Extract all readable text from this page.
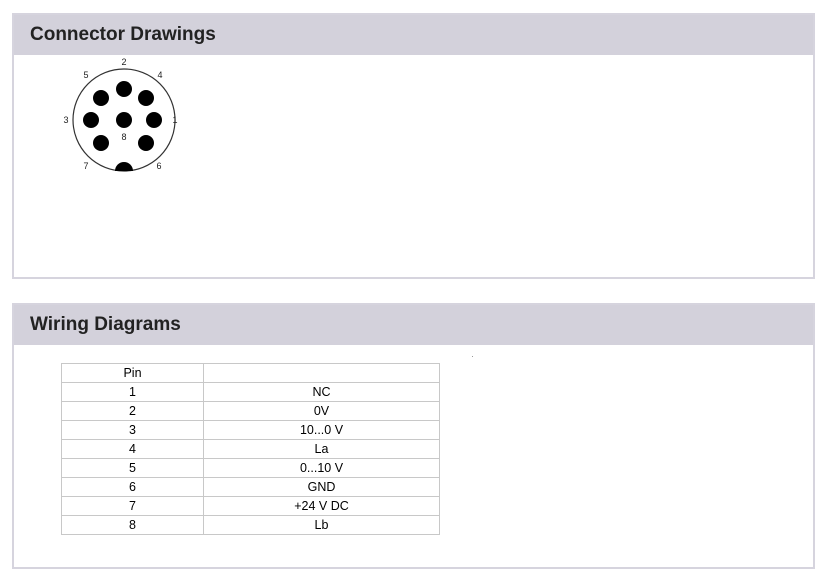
Connector Drawings
1
2
3
4
5
6
7
8
Wiring Diagrams
Pin	
1	NC
2	0V
3	10...0 V
4	La
5	0...10 V
6	GND
7	+24 V DC
8	Lb
